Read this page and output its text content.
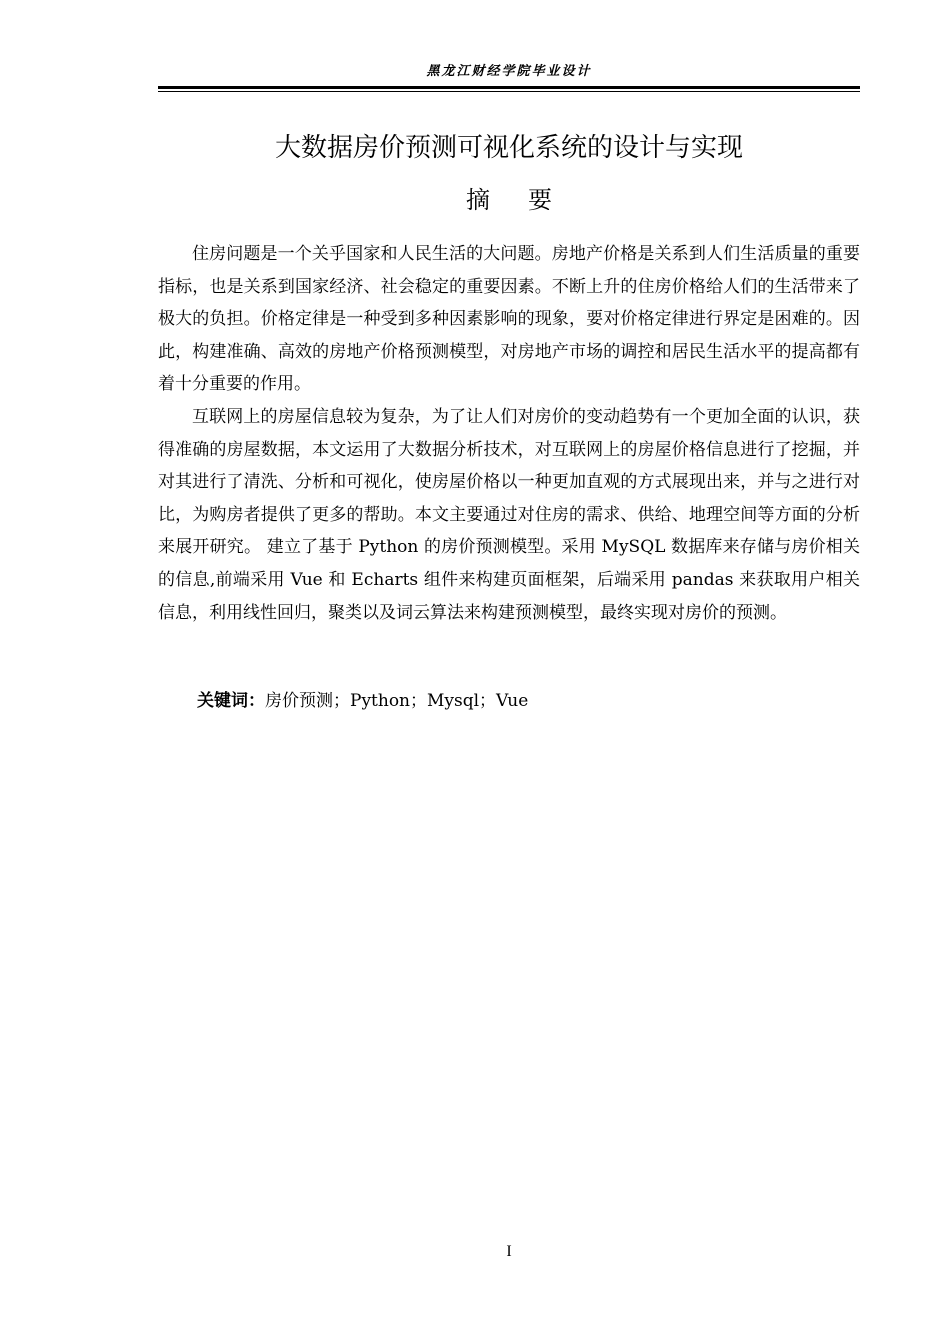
黑龙江财经学院毕业设计
大数据房价预测可视化系统的设计与实现
摘要

住房问题是一个关乎国家和人民生活的大问题。房地产价格是关系到人们生活质量的重要指标，也是关系到国家经济、社会稳定的重要因素。不断上升的住房价格给人们的生活带来了极大的负担。价格定律是一种受到多种因素影响的现象，要对价格定律进行界定是困难的。因此，构建准确、高效的房地产价格预测模型，对房地产市场的调控和居民生活水平的提高都有着十分重要的作用。

互联网上的房屋信息较为复杂，为了让人们对房价的变动趋势有一个更加全面的认识，获得准确的房屋数据，本文运用了大数据分析技术，对互联网上的房屋价格信息进行了挖掘，并对其进行了清洗、分析和可视化，使房屋价格以一种更加直观的方式展现出来，并与之进行对比，为购房者提供了更多的帮助。本文主要通过对住房的需求、供给、地理空间等方面的分析来展开研究。 建立了基于 Python 的房价预测模型。采用 MySQL 数据库来存储与房价相关的信息,前端采用 Vue 和 Echarts 组件来构建页面框架，后端采用 pandas 来获取用户相关信息，利用线性回归，聚类以及词云算法来构建预测模型，最终实现对房价的预测。

关键词：房价预测；Python；Mysql；Vue
I
